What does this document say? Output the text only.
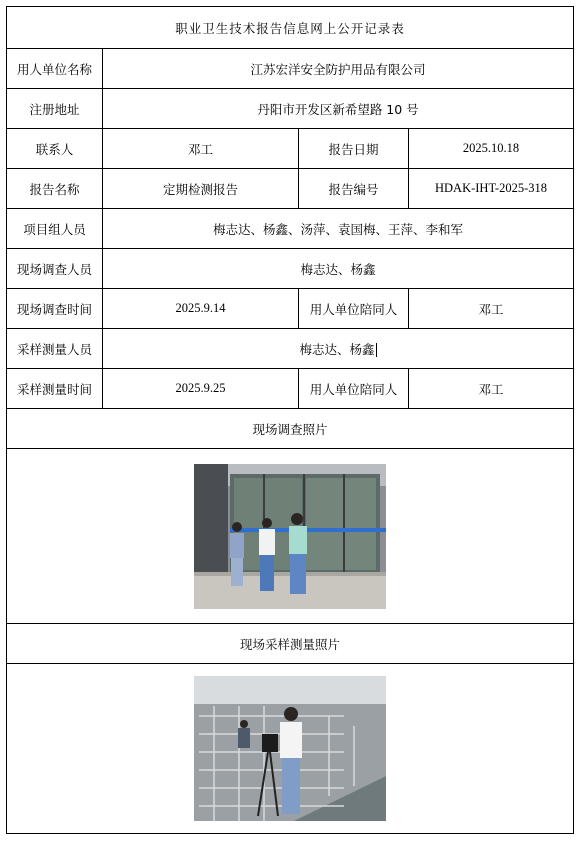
职业卫生技术报告信息网上公开记录表			
用人单位名称	江苏宏洋安全防护用品有限公司		
注册地址	丹阳市开发区新希望路 10 号		
联系人	邓工	报告日期	2025.10.18
报告名称	定期检测报告	报告编号	HDAK-IHT-2025-318
项目组人员	梅志达、杨鑫、汤萍、袁国梅、王萍、李和军		
现场调查人员	梅志达、杨鑫		
现场调查时间	2025.9.14	用人单位陪同人	邓工
采样测量人员	梅志达、杨鑫		
采样测量时间	2025.9.25	用人单位陪同人	邓工
现场调查照片			

现场采样测量照片			
